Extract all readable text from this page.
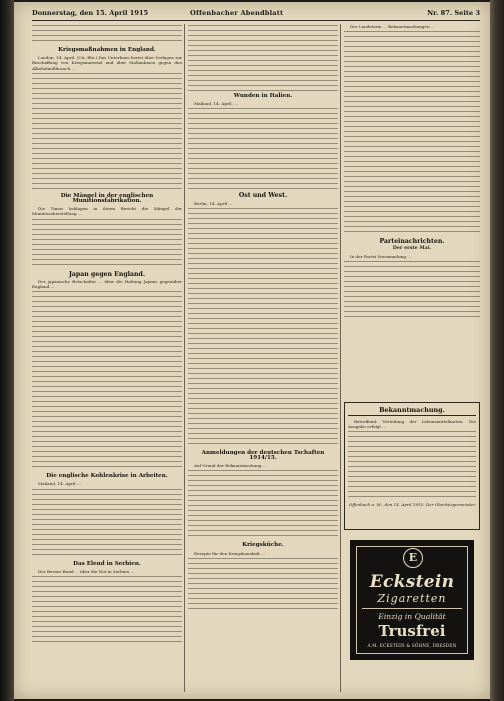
Donnerstag, den 15. April 1915	Offenbacher Abendblatt	Nr. 87. Seite 3
Kriegsmaßnahmen in England.

London, 14. April. (Ctr. Bln.) Das Unterhaus beriet über Vorlagen zur Beschaffung von Kriegsmaterial und über Maßnahmen gegen den Alkoholmißbrauch...

Die Mängel in der englischen Munitionsfabrikation.

Die Times beklagen in ihrem Bericht die Mängel der Munitionsherstellung ...

Japan gegen England.

Der japanische Botschafter ... über die Haltung Japans gegenüber England ...

Die englische Kohlenkrise in Arbeiten.

Mailand, 14. April ...

Das Elend in Serbien.

Der Berner Bund ... über die Not in Serbien ...

Wunden in Italien.

Mailand, 14. April. ...

Ost und West.

Berlin, 14. April ...

Anmeldungen der deutschen Tschaften 1914/15.

Auf Grund der Bekanntmachung ...

Kriegsküche.

Rezepte für den Kriegshaushalt ...

Der Landsturm ... Bekanntmachungen ...

Parteinachrichten.
Der erste Mai.

In der Partei Versammlung ...

Bekanntmachung.

Betreffend: Verteilung der Lebensmittelkarten. Die Ausgabe erfolgt ...

Offenbach a. M., den 14. April 1915. Der Oberbürgermeister.
E
Eckstein
Zigaretten
Einzig in Qualität
Trusfrei
A.M. ECKSTEIN & SÖHNE, DRESDEN
